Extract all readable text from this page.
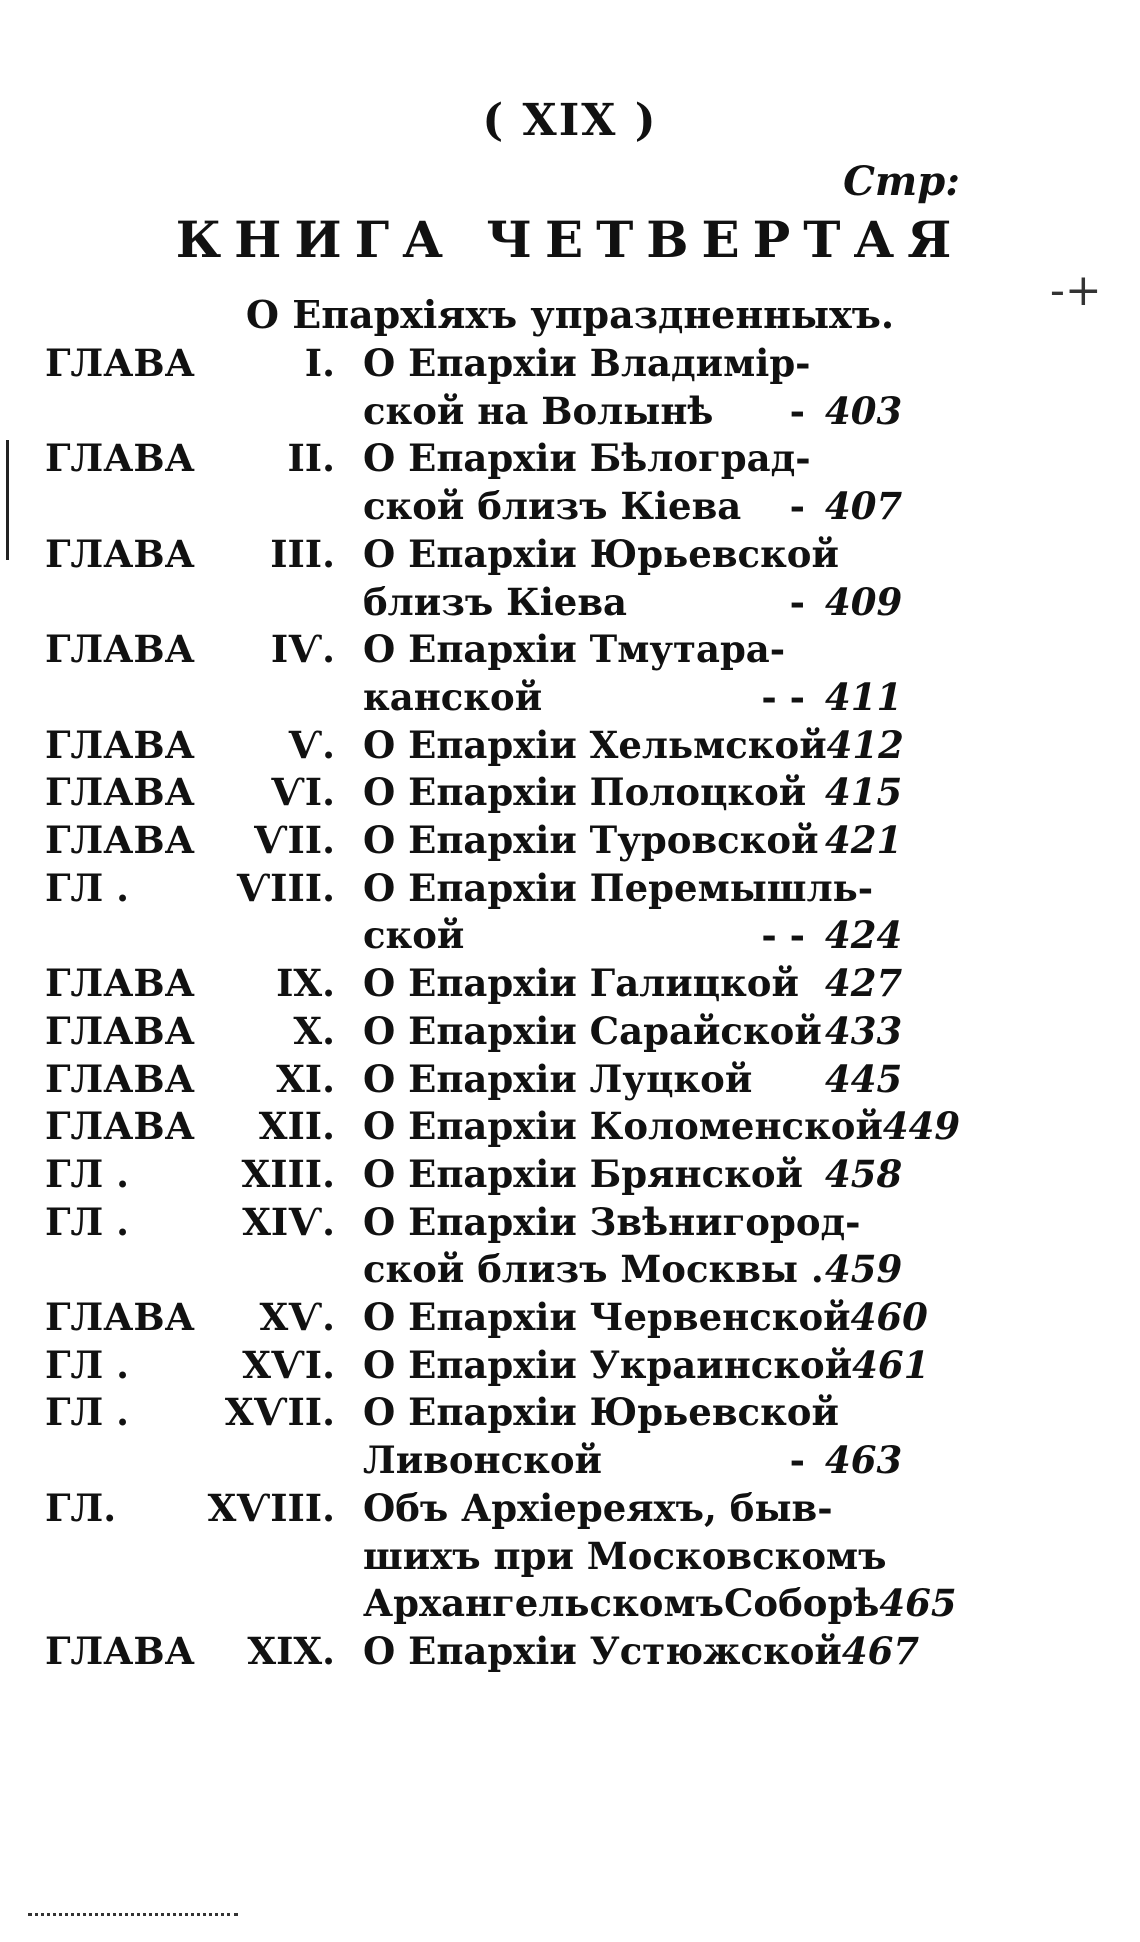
( XIX )
Стр:
КНИГА ЧЕТВЕРТАЯ
О Епархіяхъ упраздненныхъ.	-+
ГЛАВА	I. О Епархіи Владимір-
ской на Волынѣ - 403
ГЛАВА	II. О Епархіи Бѣлоград-
ской близъ Кіева - 407
ГЛАВА III. О Епархіи Юрьевской
близъ Кіева	- 409
ГЛАВА IѴ. О Епархіи Тмутара-
канской	- - 411
ГЛАВА	Ѵ. О Епархіи Хельмской 412
ГЛАВА ѴI. О Епархіи Полоцкой 415
ГЛАВА ѴII. О Епархіи Туровской 421
ГЛ .	ѴIII. О Епархіи Перемышль-
ской	- - 424
ГЛАВА IX. О Епархіи Галицкой 427
ГЛАВА	X. О Епархіи Сарайской 433
ГЛАВА XI. О Епархіи Луцкой 445
ГЛАВА XII. О Епархіи Коломенской 449
ГЛ .	XIII. О Епархіи Брянской 458
ГЛ .	XIѴ. О Епархіи Звѣнигород-
ской близъ Москвы . 459
ГЛАВА XѴ. О Епархіи Червенской 460
ГЛ .	XѴI. О Епархіи Украинской 461
ГЛ .	XѴII. О Епархіи Юрьевской
Ливонской	- 463
ГЛ. XѴIII. Объ Архіереяхъ, быв-
шихъ при Московскомъ
АрхангельскомъСоборѣ 465
ГЛАВА XIX. О Епархіи Устюжской 467
